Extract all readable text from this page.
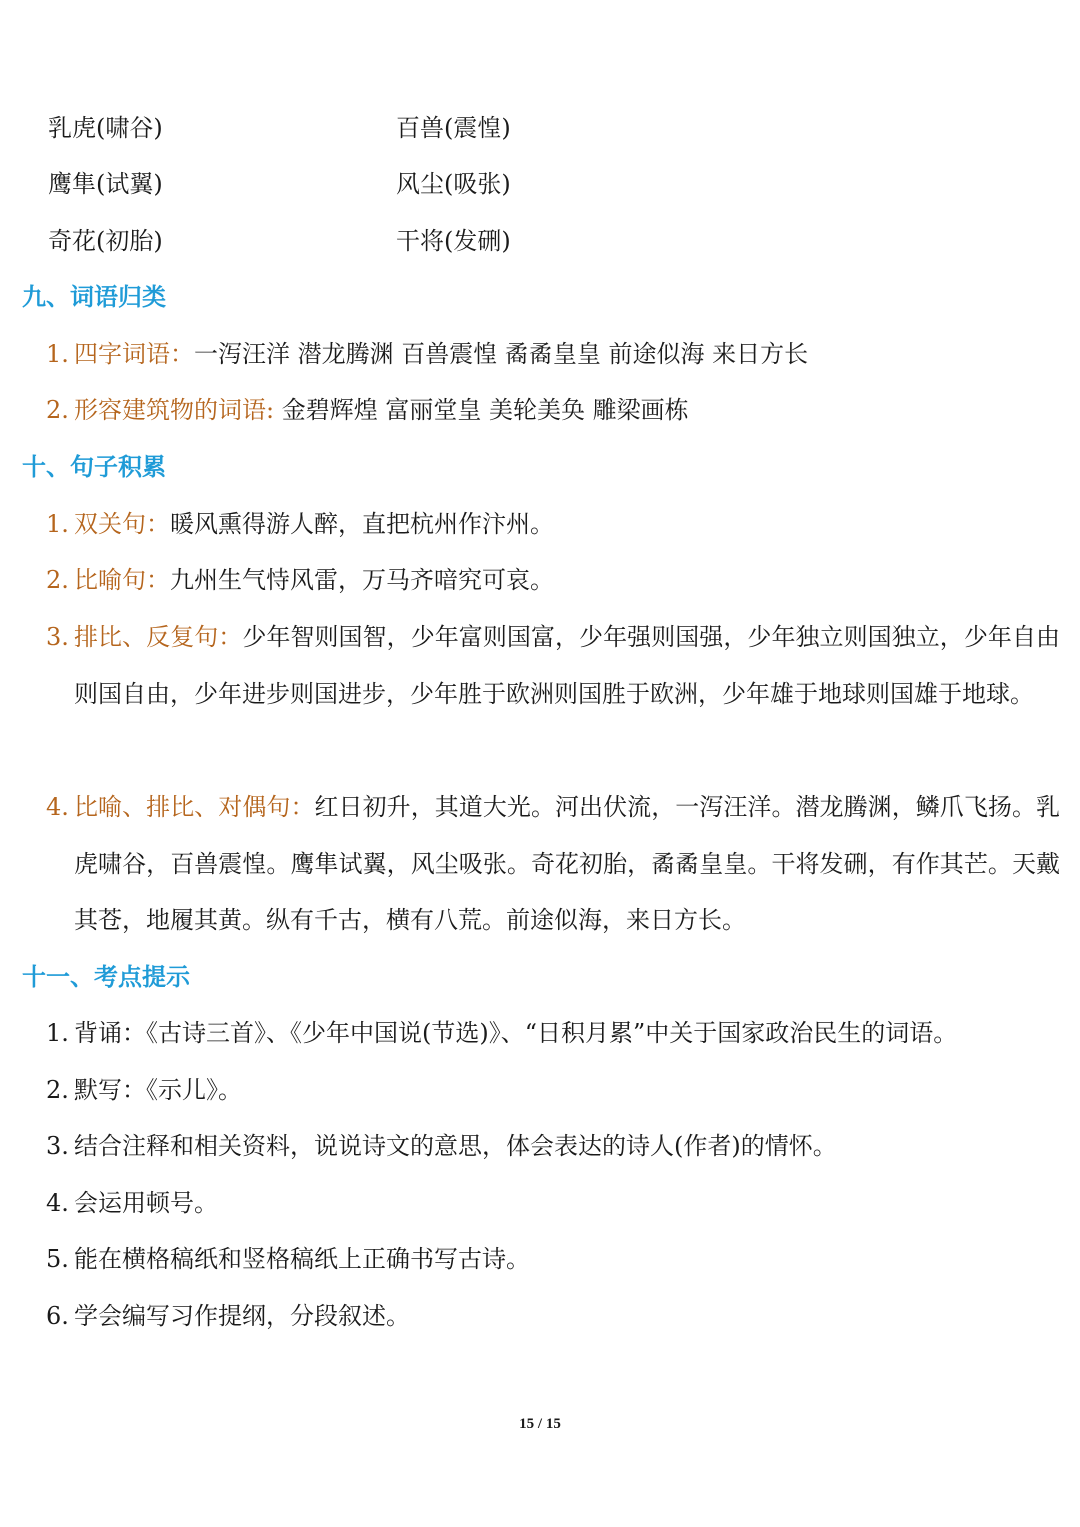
乳虎(啸谷)	百兽(震惶)
鹰隼(试翼)	风尘(吸张)
奇花(初胎)	干将(发硎)
九、词语归类
1. 四字词语：一泻汪洋 潜龙腾渊 百兽震惶 矞矞皇皇 前途似海 来日方长
2. 形容建筑物的词语: 金碧辉煌 富丽堂皇 美轮美奂 雕梁画栋
十、句子积累
1. 双关句：暖风熏得游人醉，直把杭州作汴州。
2. 比喻句：九州生气恃风雷，万马齐喑究可哀。
3. 排比、反复句：少年智则国智，少年富则国富，少年强则国强，少年独立则国独立，少年自由则国自由，少年进步则国进步，少年胜于欧洲则国胜于欧洲，少年雄于地球则国雄于地球。
4. 比喻、排比、对偶句：红日初升，其道大光。河出伏流，一泻汪洋。潜龙腾渊，鳞爪飞扬。乳虎啸谷，百兽震惶。鹰隼试翼，风尘吸张。奇花初胎，矞矞皇皇。干将发硎，有作其芒。天戴其苍，地履其黄。纵有千古，横有八荒。前途似海，来日方长。
十一、考点提示
1. 背诵：《古诗三首》、《少年中国说(节选)》、“日积月累”中关于国家政治民生的词语。
2. 默写：《示儿》。
3. 结合注释和相关资料，说说诗文的意思，体会表达的诗人(作者)的情怀。
4. 会运用顿号。
5. 能在横格稿纸和竖格稿纸上正确书写古诗。
6. 学会编写习作提纲，分段叙述。
15 / 15
